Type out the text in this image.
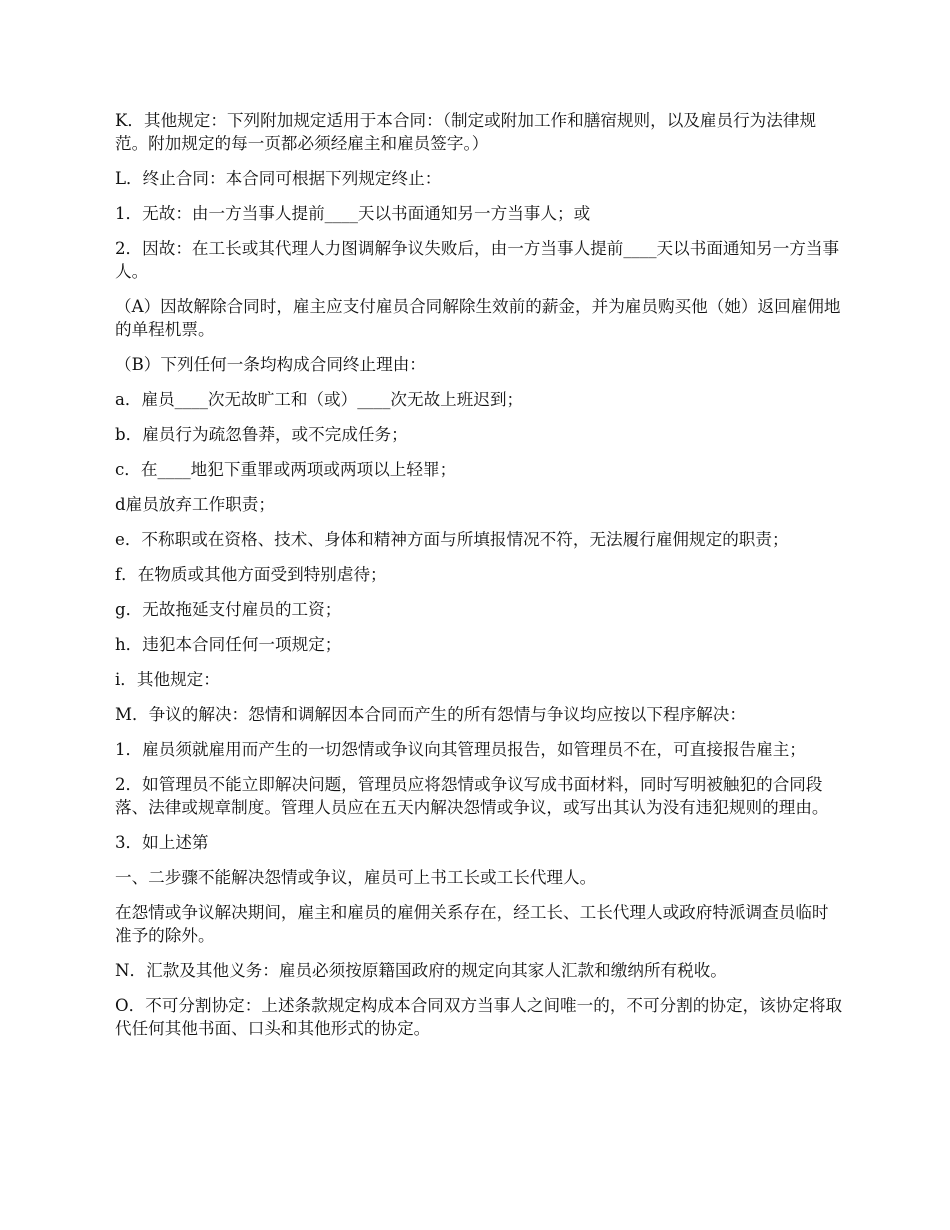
K．其他规定：下列附加规定适用于本合同：（制定或附加工作和膳宿规则，以及雇员行为法律规范。附加规定的每一页都必须经雇主和雇员签字。）

L．终止合同：本合同可根据下列规定终止：

1．无故：由一方当事人提前____天以书面通知另一方当事人；或

2．因故：在工长或其代理人力图调解争议失败后，由一方当事人提前____天以书面通知另一方当事人。

（A）因故解除合同时，雇主应支付雇员合同解除生效前的薪金，并为雇员购买他（她）返回雇佣地的单程机票。

（B）下列任何一条均构成合同终止理由：

a．雇员____次无故旷工和（或）____次无故上班迟到；

b．雇员行为疏忽鲁莽，或不完成任务；

c．在____地犯下重罪或两项或两项以上轻罪；

d雇员放弃工作职责；

e．不称职或在资格、技术、身体和精神方面与所填报情况不符，无法履行雇佣规定的职责；

f．在物质或其他方面受到特别虐待；

g．无故拖延支付雇员的工资；

h．违犯本合同任何一项规定；

i．其他规定：

M．争议的解决：怨情和调解因本合同而产生的所有怨情与争议均应按以下程序解决：

1．雇员须就雇用而产生的一切怨情或争议向其管理员报告，如管理员不在，可直接报告雇主；

2．如管理员不能立即解决问题，管理员应将怨情或争议写成书面材料，同时写明被触犯的合同段落、法律或规章制度。管理人员应在五天内解决怨情或争议，或写出其认为没有违犯规则的理由。

3．如上述第

一、二步骤不能解决怨情或争议，雇员可上书工长或工长代理人。

在怨情或争议解决期间，雇主和雇员的雇佣关系存在，经工长、工长代理人或政府特派调查员临时准予的除外。

N．汇款及其他义务：雇员必须按原籍国政府的规定向其家人汇款和缴纳所有税收。

O．不可分割协定：上述条款规定构成本合同双方当事人之间唯一的，不可分割的协定，该协定将取代任何其他书面、口头和其他形式的协定。
